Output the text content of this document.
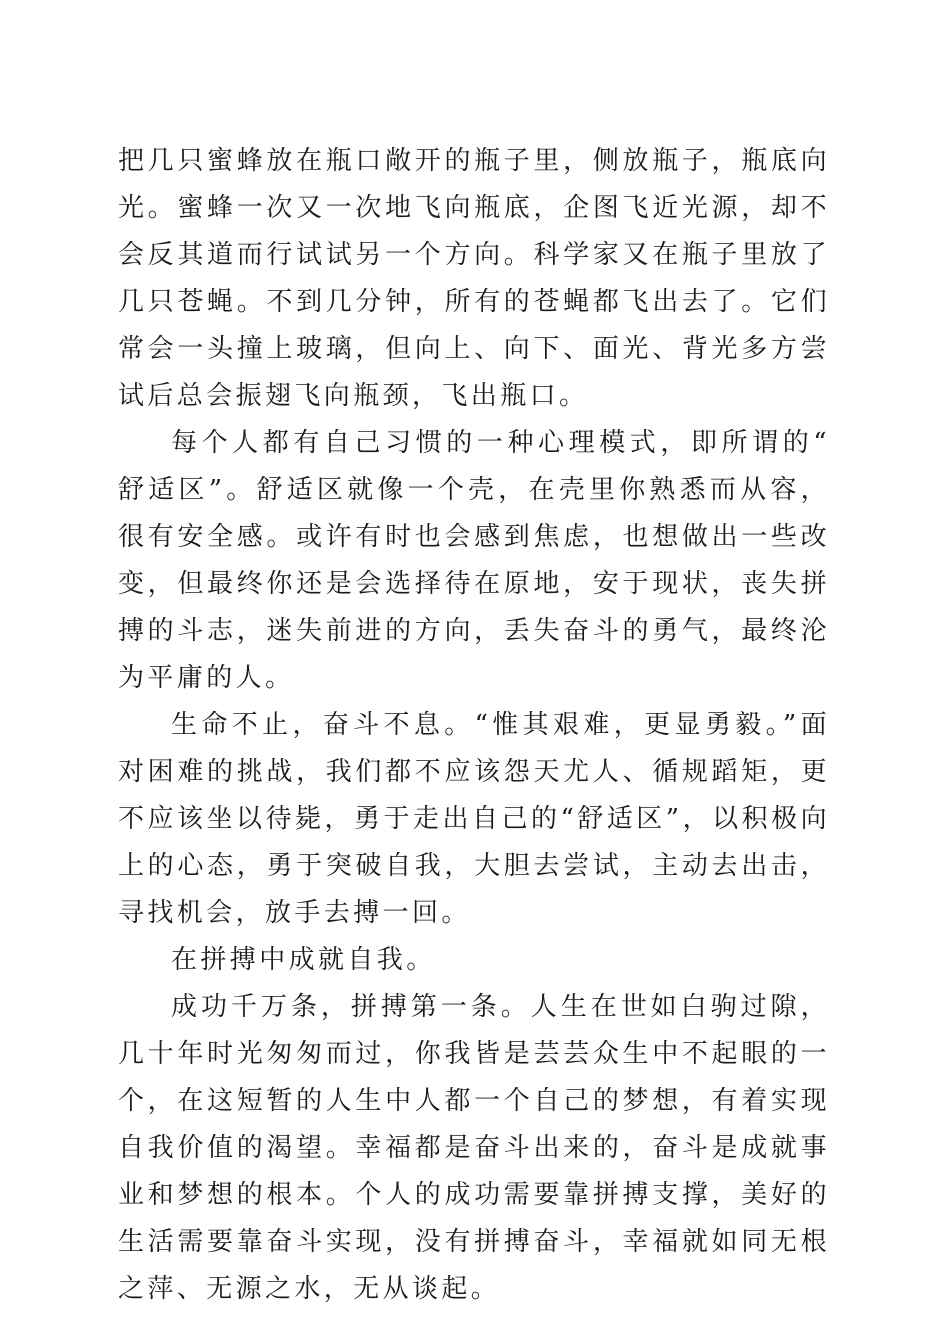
把几只蜜蜂放在瓶口敞开的瓶子里，侧放瓶子，瓶底向光。蜜蜂一次又一次地飞向瓶底，企图飞近光源，却不会反其道而行试试另一个方向。科学家又在瓶子里放了几只苍蝇。不到几分钟，所有的苍蝇都飞出去了。它们常会一头撞上玻璃，但向上、向下、面光、背光多方尝试后总会振翅飞向瓶颈，飞出瓶口。

每个人都有自己习惯的一种心理模式，即所谓的“舒适区”。舒适区就像一个壳，在壳里你熟悉而从容，很有安全感。或许有时也会感到焦虑，也想做出一些改变，但最终你还是会选择待在原地，安于现状，丧失拼搏的斗志，迷失前进的方向，丢失奋斗的勇气，最终沦为平庸的人。

生命不止，奋斗不息。“惟其艰难，更显勇毅。”面对困难的挑战，我们都不应该怨天尤人、循规蹈矩，更不应该坐以待毙，勇于走出自己的“舒适区”，以积极向上的心态，勇于突破自我，大胆去尝试，主动去出击，寻找机会，放手去搏一回。

在拼搏中成就自我。

成功千万条，拼搏第一条。人生在世如白驹过隙，几十年时光匆匆而过，你我皆是芸芸众生中不起眼的一个，在这短暂的人生中人都一个自己的梦想，有着实现自我价值的渴望。幸福都是奋斗出来的，奋斗是成就事业和梦想的根本。个人的成功需要靠拼搏支撑，美好的生活需要靠奋斗实现，没有拼搏奋斗，幸福就如同无根之萍、无源之水，无从谈起。
